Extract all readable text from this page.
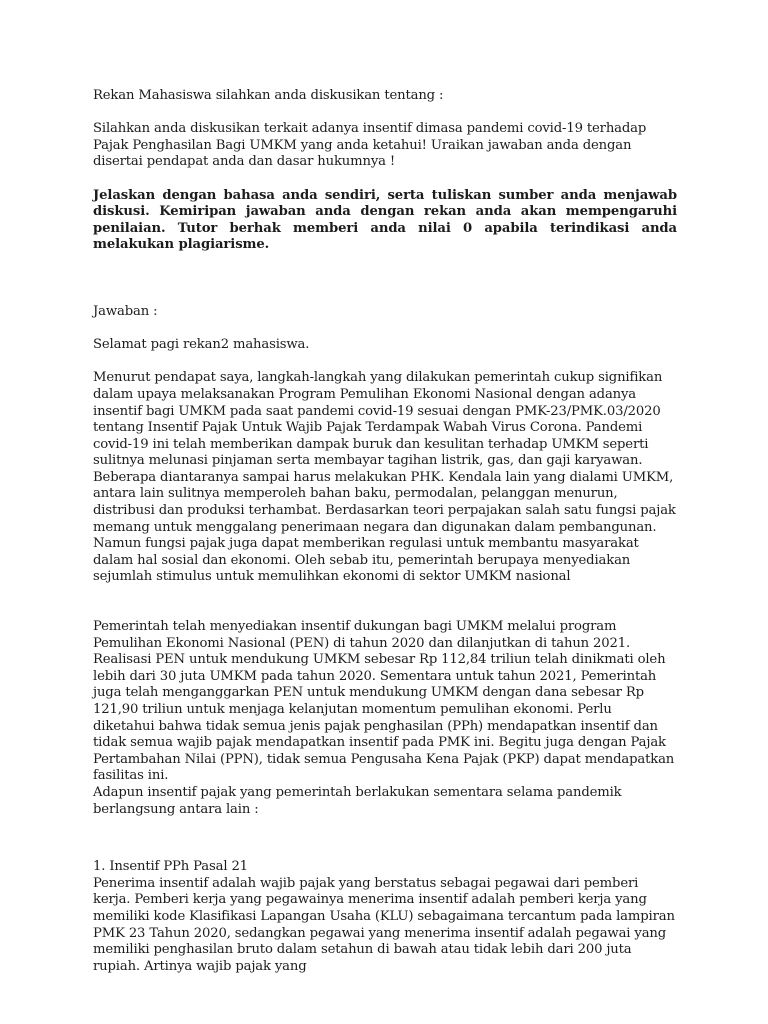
Rekan Mahasiswa silahkan anda diskusikan tentang :

Silahkan anda diskusikan terkait adanya insentif dimasa pandemi covid-19 terhadap Pajak Penghasilan Bagi UMKM yang anda ketahui! Uraikan jawaban anda dengan disertai pendapat anda dan dasar hukumnya !

Jelaskan dengan bahasa anda sendiri, serta tuliskan sumber anda menjawab diskusi. Kemiripan jawaban anda dengan rekan anda akan mempengaruhi penilaian. Tutor berhak memberi anda nilai 0 apabila terindikasi anda melakukan plagiarisme.

Jawaban :

Selamat pagi rekan2 mahasiswa.

Menurut pendapat saya, langkah-langkah yang dilakukan pemerintah cukup signifikan dalam upaya melaksanakan Program Pemulihan Ekonomi Nasional dengan adanya insentif bagi UMKM pada saat pandemi covid-19 sesuai dengan PMK-23/PMK.03/2020 tentang Insentif Pajak Untuk Wajib Pajak Terdampak Wabah Virus Corona. Pandemi covid-19 ini telah memberikan dampak buruk dan kesulitan terhadap UMKM seperti sulitnya melunasi pinjaman serta membayar tagihan listrik, gas, dan gaji karyawan. Beberapa diantaranya sampai harus melakukan PHK. Kendala lain yang dialami UMKM, antara lain sulitnya memperoleh bahan baku, permodalan, pelanggan menurun, distribusi dan produksi terhambat. Berdasarkan teori perpajakan salah satu fungsi pajak memang untuk menggalang penerimaan negara dan digunakan dalam pembangunan. Namun fungsi pajak juga dapat memberikan regulasi untuk membantu masyarakat dalam hal sosial dan ekonomi. Oleh sebab itu, pemerintah berupaya menyediakan sejumlah stimulus untuk memulihkan ekonomi di sektor UMKM nasional

Pemerintah telah menyediakan insentif dukungan bagi UMKM melalui program Pemulihan Ekonomi Nasional (PEN) di tahun 2020 dan dilanjutkan di tahun 2021. Realisasi PEN untuk mendukung UMKM sebesar Rp 112,84 triliun telah dinikmati oleh lebih dari 30 juta UMKM pada tahun 2020. Sementara untuk tahun 2021, Pemerintah juga telah menganggarkan PEN untuk mendukung UMKM dengan dana sebesar Rp 121,90 triliun untuk menjaga kelanjutan momentum pemulihan ekonomi. Perlu diketahui bahwa tidak semua jenis pajak penghasilan (PPh) mendapatkan insentif dan tidak semua wajib pajak mendapatkan insentif pada PMK ini. Begitu juga dengan Pajak Pertambahan Nilai (PPN), tidak semua Pengusaha Kena Pajak (PKP) dapat mendapatkan fasilitas ini.

Adapun insentif pajak yang pemerintah berlakukan sementara selama pandemik berlangsung antara lain :

1. Insentif PPh Pasal 21

Penerima insentif adalah wajib pajak yang berstatus sebagai pegawai dari pemberi kerja. Pemberi kerja yang pegawainya menerima insentif adalah pemberi kerja yang memiliki kode Klasifikasi Lapangan Usaha (KLU) sebagaimana tercantum pada lampiran PMK 23 Tahun 2020, sedangkan pegawai yang menerima insentif adalah pegawai yang memiliki penghasilan bruto dalam setahun di bawah atau tidak lebih dari 200 juta rupiah. Artinya wajib pajak yang
